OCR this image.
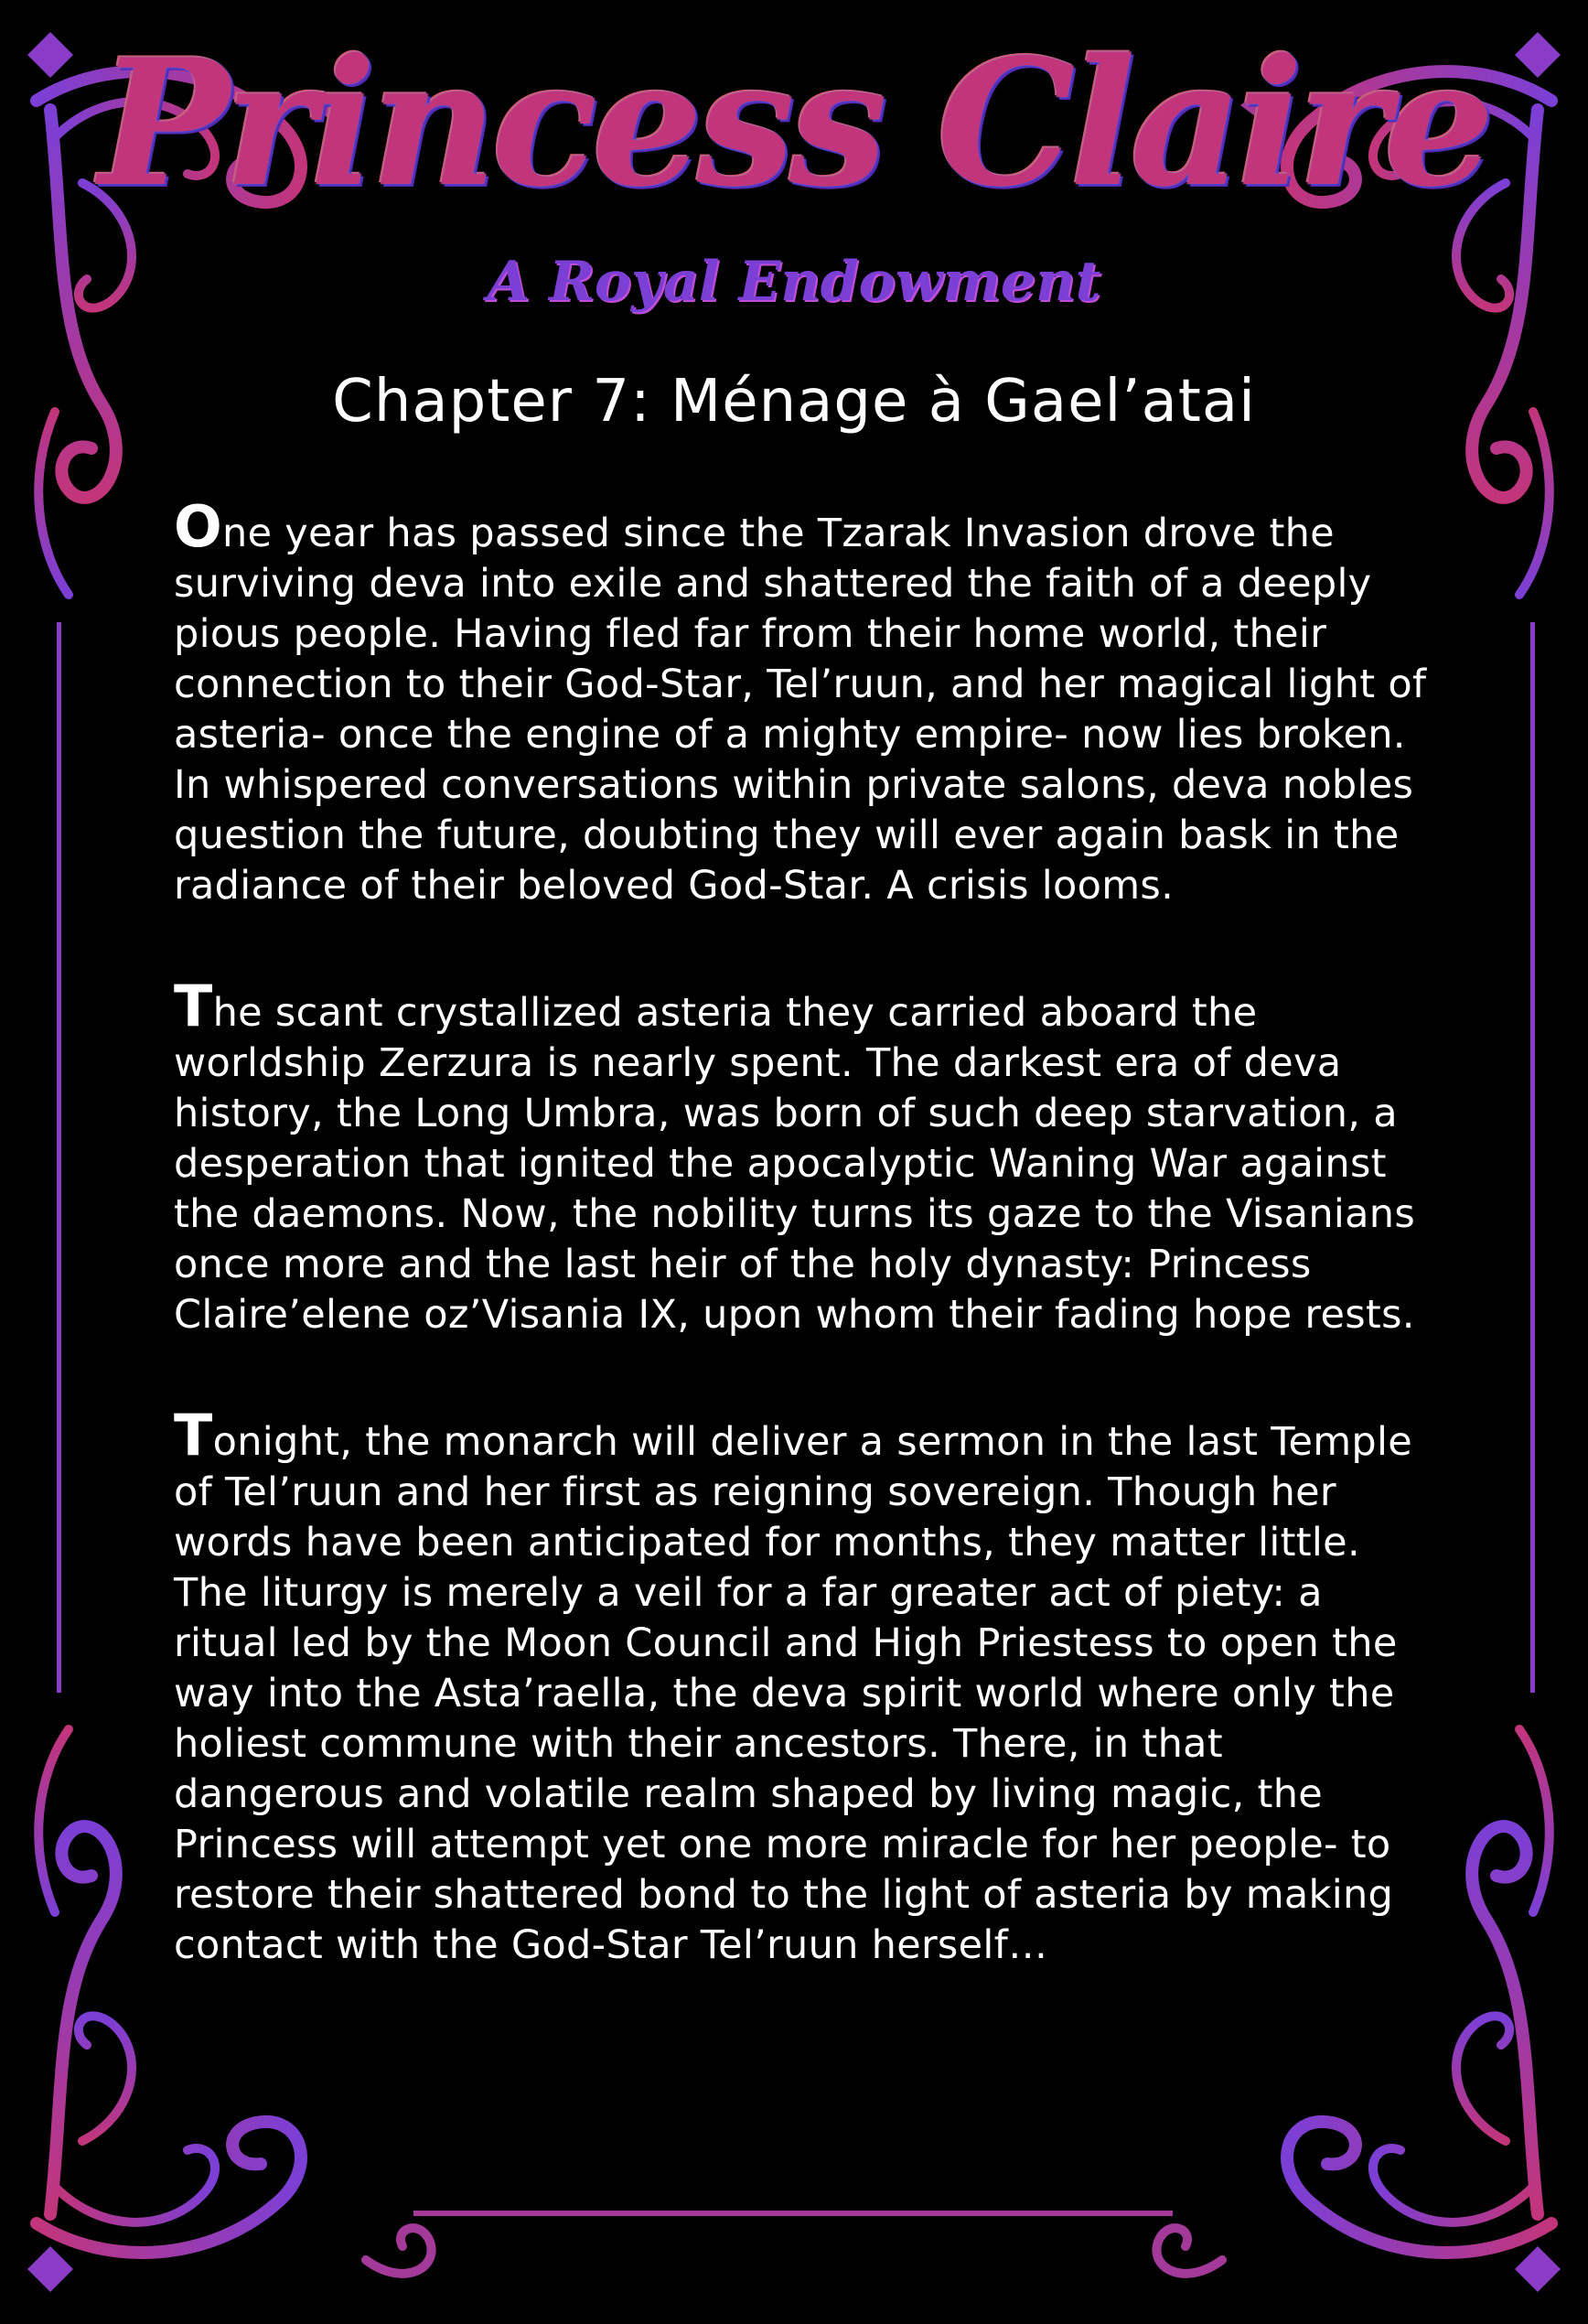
Princess Claire
A Royal Endowment
Chapter 7: Ménage à Gael’atai

One year has passed since the Tzarak Invasion drove the surviving deva into exile and shattered the faith of a deeply pious people. Having fled far from their home world, their connection to their God-Star, Tel’ruun, and her magical light of asteria- once the engine of a mighty empire- now lies broken. In whispered conversations within private salons, deva nobles question the future, doubting they will ever again bask in the radiance of their beloved God-Star. A crisis looms.

The scant crystallized asteria they carried aboard the worldship Zerzura is nearly spent. The darkest era of deva history, the Long Umbra, was born of such deep starvation, a desperation that ignited the apocalyptic Waning War against the daemons. Now, the nobility turns its gaze to the Visanians once more and the last heir of the holy dynasty: Princess Claire’elene oz’Visania IX, upon whom their fading hope rests.

Tonight, the monarch will deliver a sermon in the last Temple of Tel’ruun and her first as reigning sovereign. Though her words have been anticipated for months, they matter little. The liturgy is merely a veil for a far greater act of piety: a ritual led by the Moon Council and High Priestess to open the way into the Asta’raella, the deva spirit world where only the holiest commune with their ancestors. There, in that dangerous and volatile realm shaped by living magic, the Princess will attempt yet one more miracle for her people- to restore their shattered bond to the light of asteria by making contact with the God-Star Tel’ruun herself…
